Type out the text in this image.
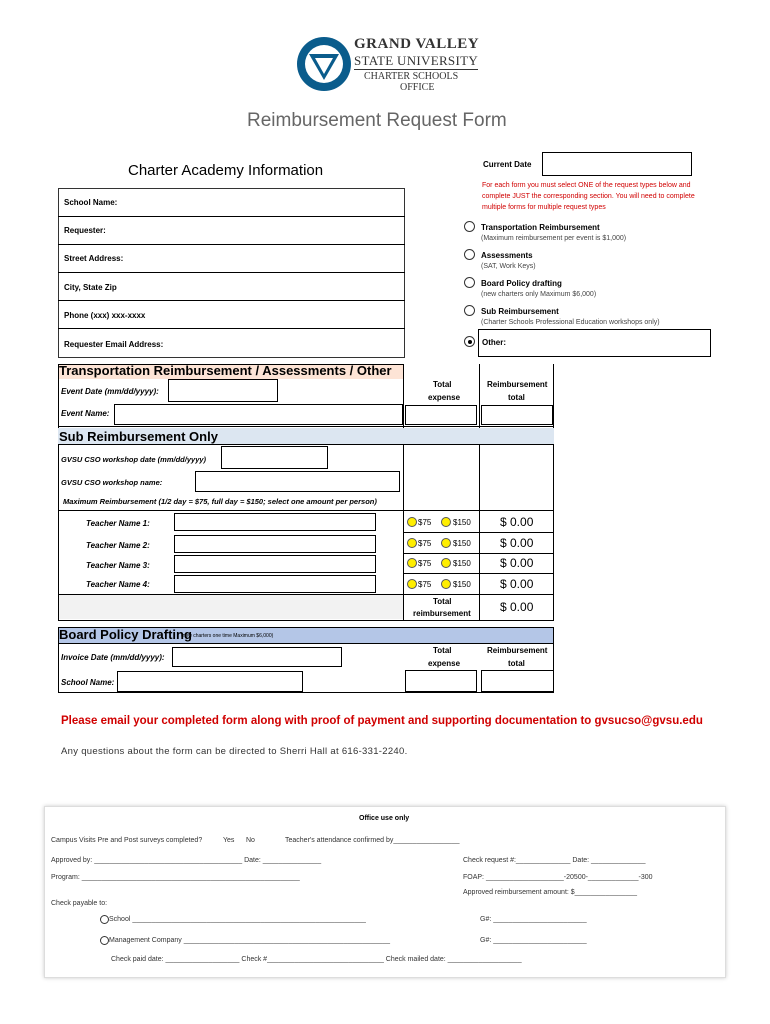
GRAND VALLEY
STATE UNIVERSITY
CHARTER SCHOOLS
OFFICE
Reimbursement Request Form
Charter Academy Information
School Name:
Requester:
Street Address:
City, State Zip
Phone (xxx) xxx-xxxx
Requester Email Address:
Current Date
For each form you must select ONE of the request types below and
complete JUST the corresponding section. You will need to complete
multiple forms for multiple request types
Transportation Reimbursement
(Maximum reimbursement per event is $1,000)
Assessments
(SAT, Work Keys)
Board Policy drafting
(new charters only Maximum $6,000)
Sub Reimbursement
(Charter Schools Professional Education workshops only)
Other:
Transportation Reimbursement / Assessments / Other
Event Date (mm/dd/yyyy):
Event Name:
Total
expense
Reimbursement
total
Sub Reimbursement Only
GVSU CSO workshop date (mm/dd/yyyy)
GVSU CSO workshop name:
Maximum Reimbursement (1/2 day = $75, full day = $150; select one amount per person)
Teacher Name 1:	$75	$150 $ 0.00
Teacher Name 2:	$75	$150 $ 0.00
Teacher Name 3:	$75	$150 $ 0.00
Teacher Name 4:	$75	$150 $ 0.00
Total
reimbursement $ 0.00
Board Policy Drafting
(new charters one time Maximum $6,000)
Invoice Date (mm/dd/yyyy):
School Name:
Total
expense
Reimbursement
total
Please email your completed form along with proof of payment and supporting documentation to gvsucso@gvsu.edu
Any questions about the form can be directed to Sherri Hall at 616-331-2240.
Office use only
Campus Visits Pre and Post surveys completed?	Yes No	Teacher's attendance confirmed by_________________
Approved by: ______________________________________ Date: _______________	Check request #:______________ Date: ______________
Program: ________________________________________________________	FOAP: ____________________-20500-_____________-300
Approved reimbursement amount: $________________
Check payable to:
School ____________________________________________________________	G#: ________________________
Management Company _____________________________________________________	G#: ________________________
Check paid date: ___________________ Check #______________________________ Check mailed date: ___________________
